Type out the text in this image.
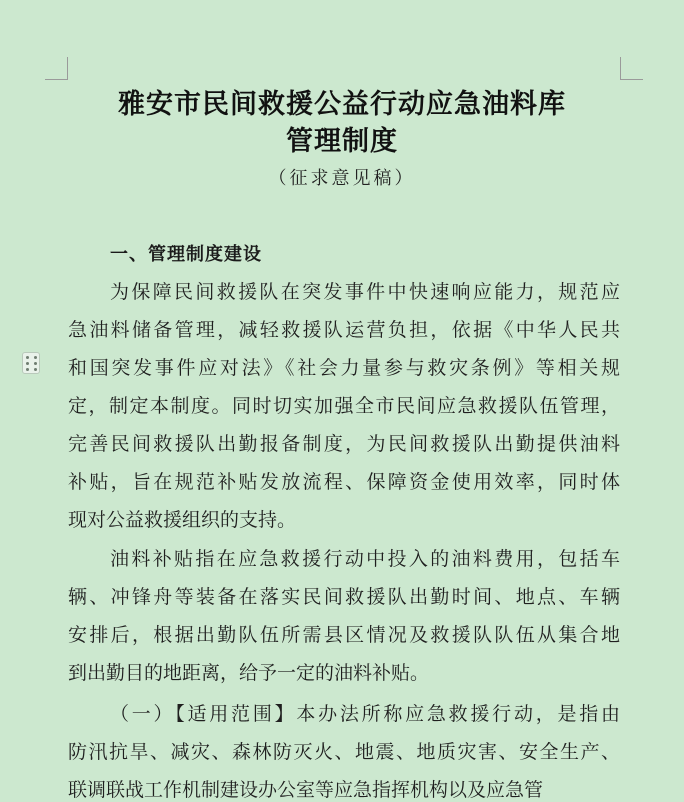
雅安市民间救援公益行动应急油料库
管理制度

（征求意见稿）

一、管理制度建设
为保障民间救援队在突发事件中快速响应能力，规范应
急油料储备管理，减轻救援队运营负担，依据《中华人民共
和国突发事件应对法》《社会力量参与救灾条例》等相关规
定，制定本制度。同时切实加强全市民间应急救援队伍管理，
完善民间救援队出勤报备制度，为民间救援队出勤提供油料
补贴，旨在规范补贴发放流程、保障资金使用效率，同时体
现对公益救援组织的支持。
油料补贴指在应急救援行动中投入的油料费用，包括车
辆、冲锋舟等装备在落实民间救援队出勤时间、地点、车辆
安排后，根据出勤队伍所需县区情况及救援队队伍从集合地
到出勤目的地距离，给予一定的油料补贴。
（一）【适用范围】本办法所称应急救援行动，是指由
防汛抗旱、减灾、森林防灭火、地震、地质灾害、安全生产、
联调联战工作机制建设办公室等应急指挥机构以及应急管
